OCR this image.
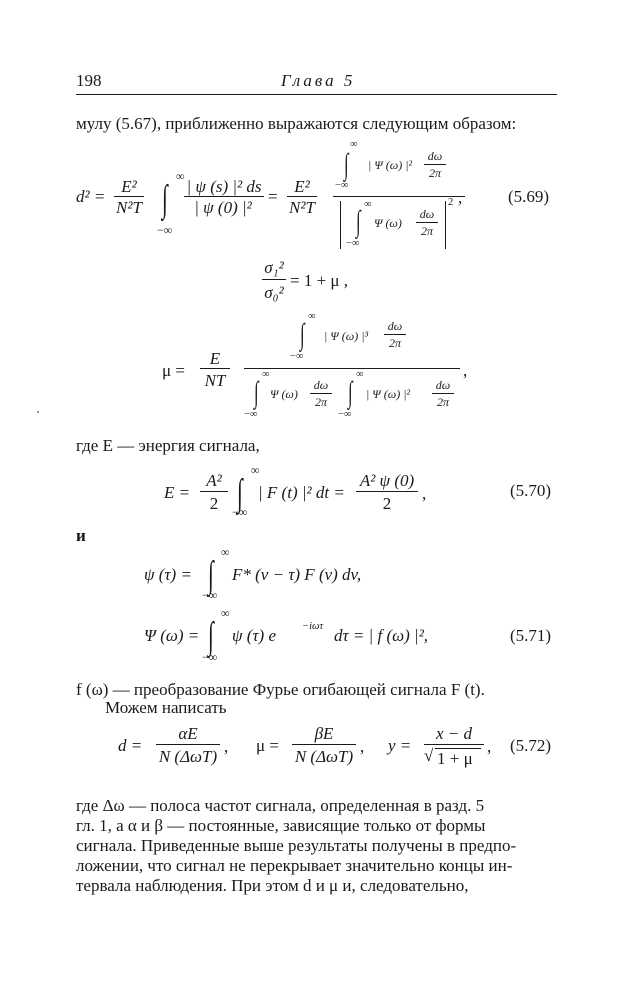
198	Глава 5
мулу (5.67), приближенно выражаются следующим образом:
d² =
E²
N²T
∞
∫
−∞
| ψ (s) |² ds
| ψ (0) |²
=
E²
N²T
∞
∫
−∞
| Ψ (ω) |²
dω
2π
∞
∫
−∞
Ψ (ω)
dω
2π
2 ,	(5.69)
σ₁²
σ₀²
= 1 + μ ,
μ =
E
NT
∞
∫
−∞
| Ψ (ω) |³
dω
2π
∞
∫
−∞
Ψ (ω)
dω
2π
∞
∫
−∞
| Ψ (ω) |²
dω
2π
,
где E — энергия сигнала,
E =
A²
2
∞
∫
−∞
| F (t) |² dt =
A² ψ (0)
2
,	(5.70)
и
ψ (τ) =
∞
∫
−∞
F* (v − τ) F (v) dv,
Ψ (ω) =
∞
∫
−∞
ψ (τ) e −iωτ dτ = | f (ω) |²,	(5.71)
f (ω) — преобразование Фурье огибающей сигнала F (t).
Можем написать
d =
αE
N (ΔωT)
, μ =
βE
N (ΔωT)
, y =
x − d
√ 1 + μ
, (5.72)
где Δω — полоса частот сигнала, определенная в разд. 5
гл. 1, а α и β — постоянные, зависящие только от формы
сигнала. Приведенные выше результаты получены в предпо-
ложении, что сигнал не перекрывает значительно концы ин-
тервала наблюдения. При этом d и μ и, следовательно,
